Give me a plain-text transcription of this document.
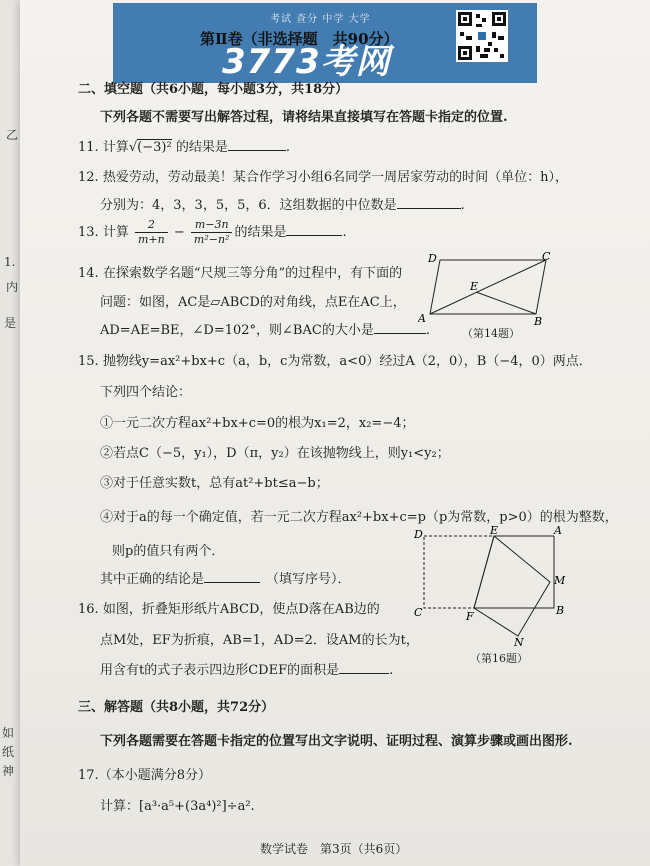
乙
1.
内
是
如
纸
神
考试 查分 中学 大学
3773考网
第Ⅱ卷（非选择题　共90分）
二、填空题（共6小题，每小题3分，共18分）
下列各题不需要写出解答过程，请将结果直接填写在答题卡指定的位置.
11. 计算√(−3)² 的结果是	.
12. 热爱劳动，劳动最美！某合作学习小组6名同学一周居家劳动的时间（单位：h），
分别为：4，3，3，5，5，6．这组数据的中位数是	.
13. 计算 $\frac{2}{m+n} - \frac{m-3n}{\text{m²−n²}}$ 的结果是	.
14. 在探索数学名题“尺规三等分角”的过程中，有下面的
问题：如图，AC是▱ABCD的对角线，点E在AC上，
AD=AE=BE，∠D=102°，则∠BAC的大小是	.
D	C
E
A	B
（第14题）
15. 抛物线y=ax²+bx+c（a，b，c为常数，a<0）经过A（2，0），B（−4，0）两点．
下列四个结论：
①一元二次方程ax²+bx+c=0的根为x₁=2，x₂=−4；
②若点C（−5，y₁），D（π，y₂）在该抛物线上，则y₁<y₂；
③对于任意实数t，总有at²+bt≤a−b；
④对于a的每一个确定值，若一元二次方程ax²+bx+c=p（p为常数，p>0）的根为整数，
则p的值只有两个．
其中正确的结论是	（填写序号）．
D	E	A
M
C	F	B
N
（第16题）
16. 如图，折叠矩形纸片ABCD，使点D落在AB边的
点M处，EF为折痕，AB=1，AD=2．设AM的长为t，
用含有t的式子表示四边形CDEF的面积是	.
三、解答题（共8小题，共72分）
下列各题需要在答题卡指定的位置写出文字说明、证明过程、演算步骤或画出图形.
17.（本小题满分8分）
计算：[a³·a⁵+(3a⁴)²]÷a².
数学试卷　第3页（共6页）
